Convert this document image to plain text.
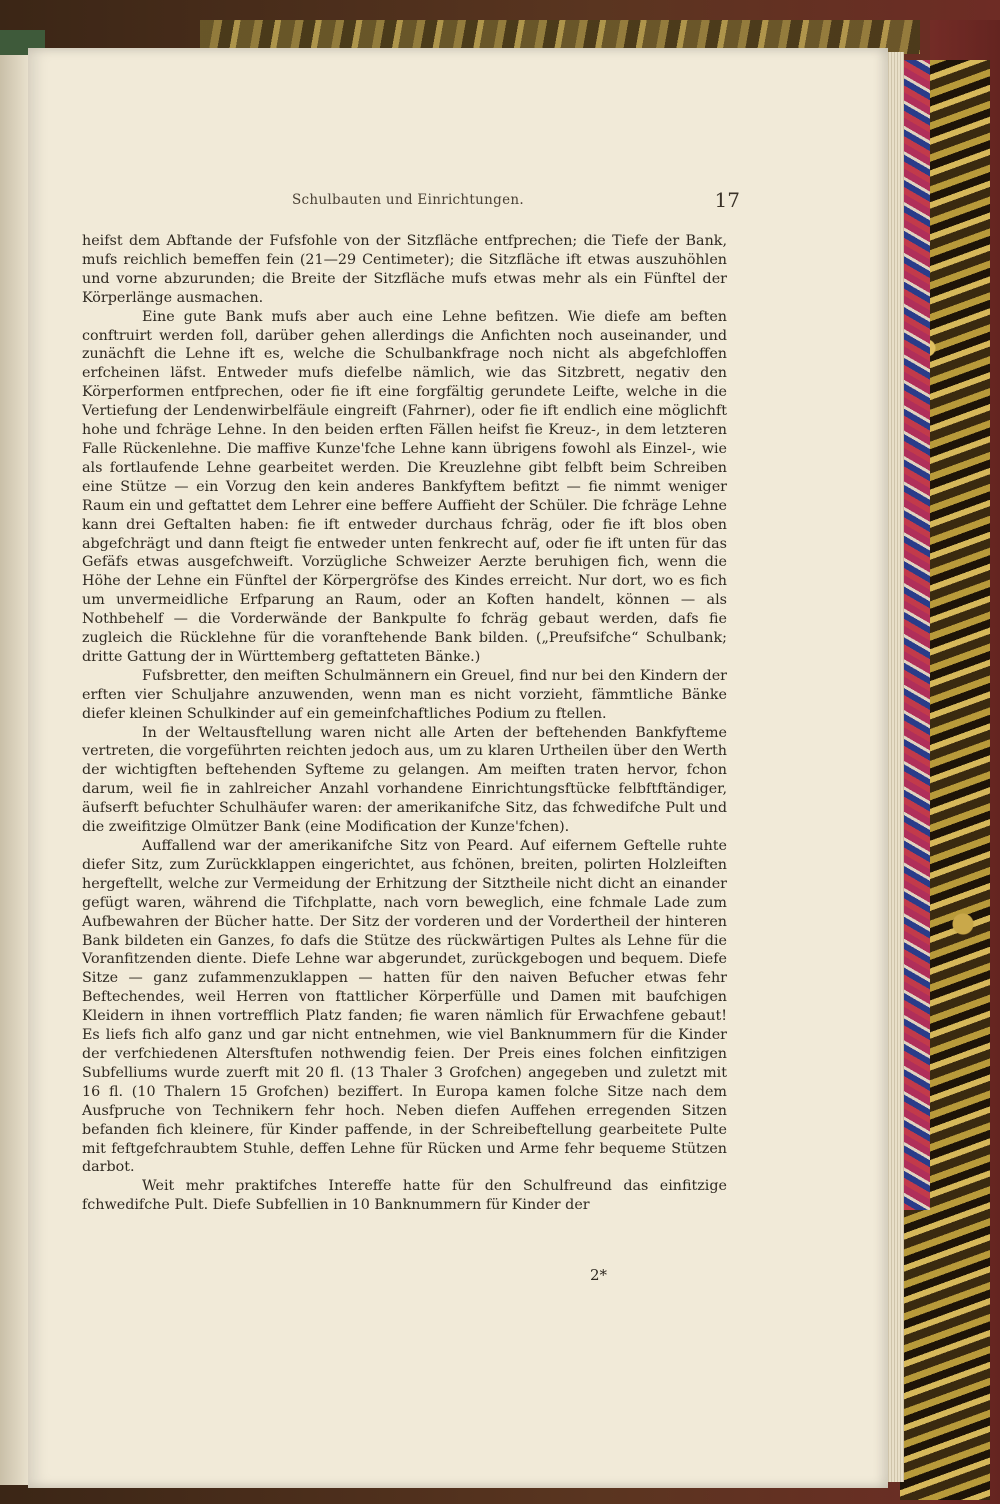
Schulbauten und Einrichtungen.	17

heifst dem Abftande der Fufsfohle von der Sitzfläche entfprechen; die Tiefe der Bank, mufs reichlich bemeffen fein (21—29 Centimeter); die Sitzfläche ift etwas auszuhöhlen und vorne abzurunden; die Breite der Sitzfläche mufs etwas mehr als ein Fünftel der Körperlänge ausmachen.

Eine gute Bank mufs aber auch eine Lehne befitzen. Wie diefe am beften conftruirt werden foll, darüber gehen allerdings die Anfichten noch auseinander, und zunächft die Lehne ift es, welche die Schulbankfrage noch nicht als abgefchloffen erfcheinen läfst. Entweder mufs diefelbe nämlich, wie das Sitzbrett, negativ den Körperformen entfprechen, oder fie ift eine forgfältig gerundete Leifte, welche in die Vertiefung der Lendenwirbelfäule eingreift (Fahrner), oder fie ift endlich eine möglichft hohe und fchräge Lehne. In den beiden erften Fällen heifst fie Kreuz-, in dem letzteren Falle Rückenlehne. Die maffive Kunze'fche Lehne kann übrigens fowohl als Einzel-, wie als fortlaufende Lehne gearbeitet werden. Die Kreuzlehne gibt felbft beim Schreiben eine Stütze — ein Vorzug den kein anderes Bankfyftem befitzt — fie nimmt weniger Raum ein und geftattet dem Lehrer eine beffere Auffieht der Schüler. Die fchräge Lehne kann drei Geftalten haben: fie ift entweder durchaus fchräg, oder fie ift blos oben abgefchrägt und dann fteigt fie entweder unten fenkrecht auf, oder fie ift unten für das Gefäfs etwas ausgefchweift. Vorzügliche Schweizer Aerzte beruhigen fich, wenn die Höhe der Lehne ein Fünftel der Körpergröfse des Kindes erreicht. Nur dort, wo es fich um unvermeidliche Erfparung an Raum, oder an Koften handelt, können — als Nothbehelf — die Vorderwände der Bankpulte fo fchräg gebaut werden, dafs fie zugleich die Rücklehne für die voranftehende Bank bilden. („Preufsifche“ Schulbank; dritte Gattung der in Württemberg geftatteten Bänke.)

Fufsbretter, den meiften Schulmännern ein Greuel, find nur bei den Kindern der erften vier Schuljahre anzuwenden, wenn man es nicht vorzieht, fämmtliche Bänke diefer kleinen Schulkinder auf ein gemeinfchaftliches Podium zu ftellen.

In der Weltausftellung waren nicht alle Arten der beftehenden Bankfyfteme vertreten, die vorgeführten reichten jedoch aus, um zu klaren Urtheilen über den Werth der wichtigften beftehenden Syfteme zu gelangen. Am meiften traten hervor, fchon darum, weil fie in zahlreicher Anzahl vorhandene Einrichtungsftücke felbftftändiger, äufserft befuchter Schulhäufer waren: der amerikanifche Sitz, das fchwedifche Pult und die zweifitzige Olmützer Bank (eine Modification der Kunze'fchen).

Auffallend war der amerikanifche Sitz von Peard. Auf eifernem Geftelle ruhte diefer Sitz, zum Zurückklappen eingerichtet, aus fchönen, breiten, polirten Holzleiften hergeftellt, welche zur Vermeidung der Erhitzung der Sitztheile nicht dicht an einander gefügt waren, während die Tifchplatte, nach vorn beweglich, eine fchmale Lade zum Aufbewahren der Bücher hatte. Der Sitz der vorderen und der Vordertheil der hinteren Bank bildeten ein Ganzes, fo dafs die Stütze des rückwärtigen Pultes als Lehne für die Voranfitzenden diente. Diefe Lehne war abgerundet, zurückgebogen und bequem. Diefe Sitze — ganz zufammenzuklappen — hatten für den naiven Befucher etwas fehr Beftechendes, weil Herren von ftattlicher Körperfülle und Damen mit baufchigen Kleidern in ihnen vortrefflich Platz fanden; fie waren nämlich für Erwachfene gebaut! Es liefs fich alfo ganz und gar nicht entnehmen, wie viel Banknummern für die Kinder der verfchiedenen Altersftufen nothwendig feien. Der Preis eines folchen einfitzigen Subfelliums wurde zuerft mit 20 fl. (13 Thaler 3 Grofchen) angegeben und zuletzt mit 16 fl. (10 Thalern 15 Grofchen) beziffert. In Europa kamen folche Sitze nach dem Ausfpruche von Technikern fehr hoch. Neben diefen Auffehen erregenden Sitzen befanden fich kleinere, für Kinder paffende, in der Schreibeftellung gearbeitete Pulte mit feftgefchraubtem Stuhle, deffen Lehne für Rücken und Arme fehr bequeme Stützen darbot.

Weit mehr praktifches Intereffe hatte für den Schulfreund das einfitzige fchwedifche Pult. Diefe Subfellien in 10 Banknummern für Kinder der

2*
